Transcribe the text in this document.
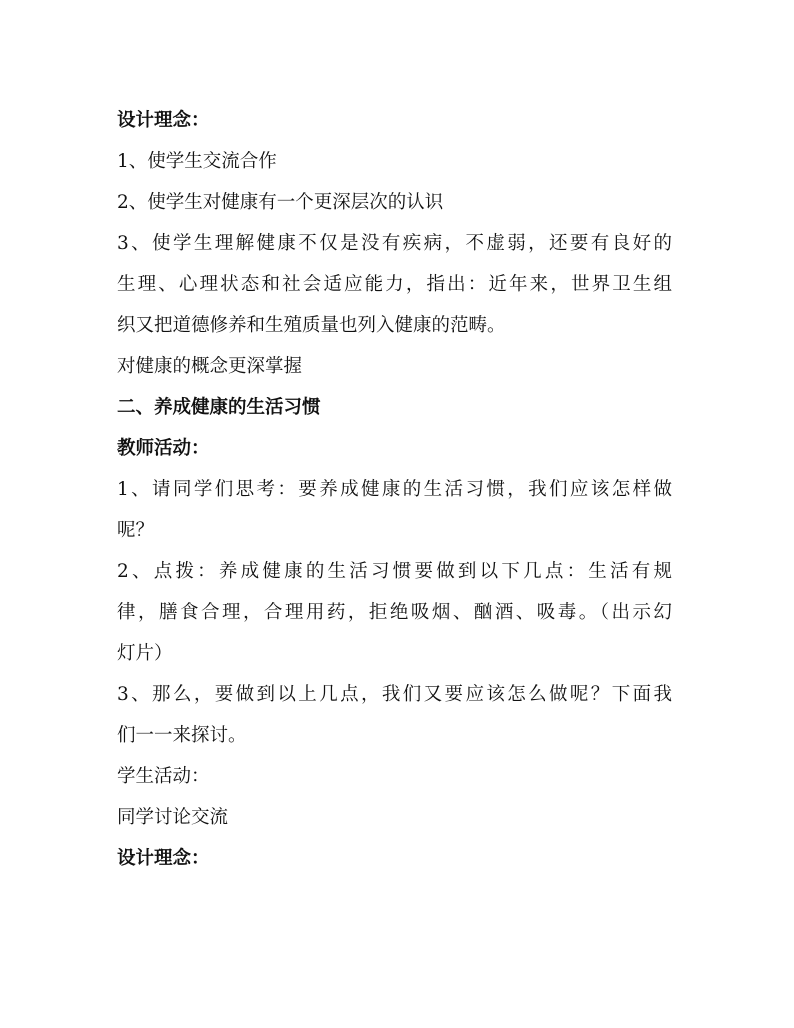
设计理念：
1、使学生交流合作
2、使学生对健康有一个更深层次的认识
3、使学生理解健康不仅是没有疾病，不虚弱，还要有良好的
生理、心理状态和社会适应能力，指出：近年来，世界卫生组
织又把道德修养和生殖质量也列入健康的范畴。
对健康的概念更深掌握
二、养成健康的生活习惯
教师活动：
1、请同学们思考：要养成健康的生活习惯，我们应该怎样做
呢？
2、点拨：养成健康的生活习惯要做到以下几点：生活有规
律，膳食合理，合理用药，拒绝吸烟、酗酒、吸毒。（出示幻
灯片）
3、那么，要做到以上几点，我们又要应该怎么做呢？下面我
们一一来探讨。
学生活动：
同学讨论交流
设计理念：
